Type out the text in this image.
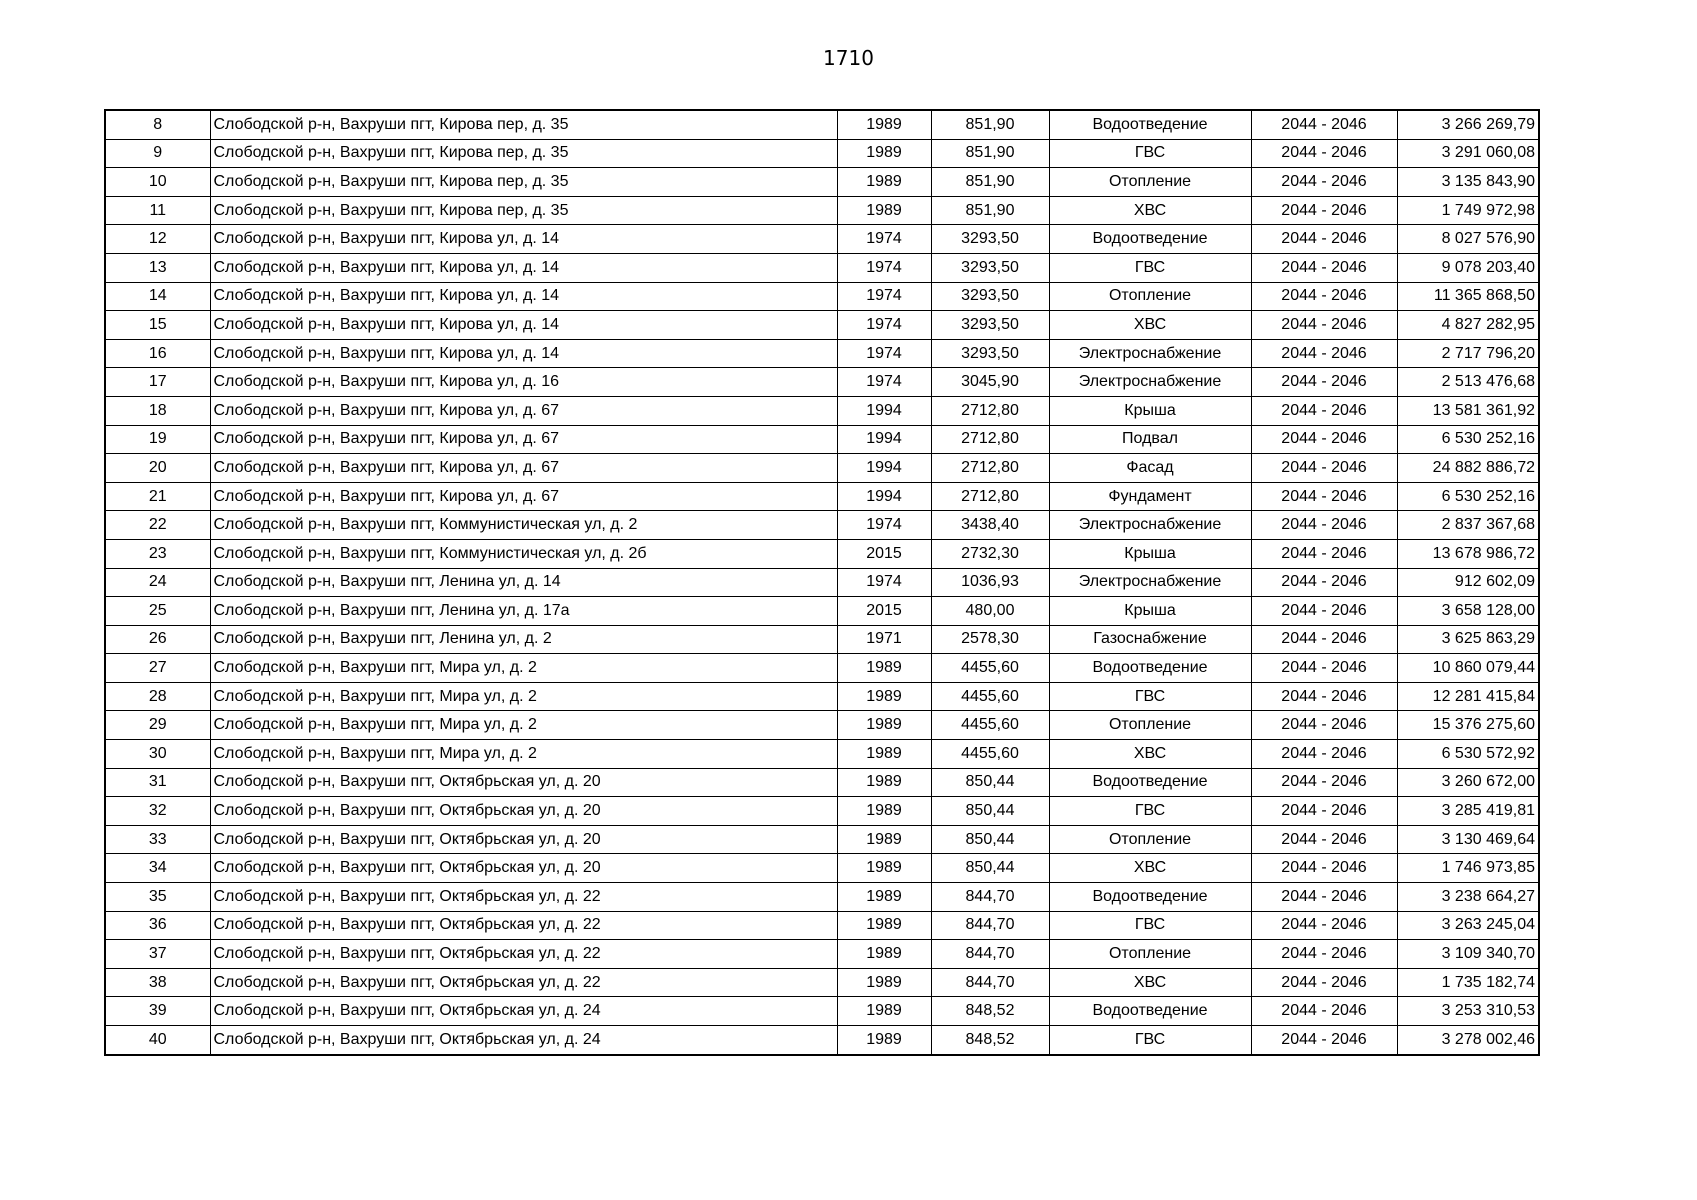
1710
8	Слободской р-н, Вахруши пгт, Кирова пер, д. 35	1989	851,90	Водоотведение	2044 - 2046	3 266 269,79
9	Слободской р-н, Вахруши пгт, Кирова пер, д. 35	1989	851,90	ГВС	2044 - 2046	3 291 060,08
10	Слободской р-н, Вахруши пгт, Кирова пер, д. 35	1989	851,90	Отопление	2044 - 2046	3 135 843,90
11	Слободской р-н, Вахруши пгт, Кирова пер, д. 35	1989	851,90	ХВС	2044 - 2046	1 749 972,98
12	Слободской р-н, Вахруши пгт, Кирова ул, д. 14	1974	3293,50	Водоотведение	2044 - 2046	8 027 576,90
13	Слободской р-н, Вахруши пгт, Кирова ул, д. 14	1974	3293,50	ГВС	2044 - 2046	9 078 203,40
14	Слободской р-н, Вахруши пгт, Кирова ул, д. 14	1974	3293,50	Отопление	2044 - 2046	11 365 868,50
15	Слободской р-н, Вахруши пгт, Кирова ул, д. 14	1974	3293,50	ХВС	2044 - 2046	4 827 282,95
16	Слободской р-н, Вахруши пгт, Кирова ул, д. 14	1974	3293,50	Электроснабжение	2044 - 2046	2 717 796,20
17	Слободской р-н, Вахруши пгт, Кирова ул, д. 16	1974	3045,90	Электроснабжение	2044 - 2046	2 513 476,68
18	Слободской р-н, Вахруши пгт, Кирова ул, д. 67	1994	2712,80	Крыша	2044 - 2046	13 581 361,92
19	Слободской р-н, Вахруши пгт, Кирова ул, д. 67	1994	2712,80	Подвал	2044 - 2046	6 530 252,16
20	Слободской р-н, Вахруши пгт, Кирова ул, д. 67	1994	2712,80	Фасад	2044 - 2046	24 882 886,72
21	Слободской р-н, Вахруши пгт, Кирова ул, д. 67	1994	2712,80	Фундамент	2044 - 2046	6 530 252,16
22	Слободской р-н, Вахруши пгт, Коммунистическая ул, д. 2	1974	3438,40	Электроснабжение	2044 - 2046	2 837 367,68
23	Слободской р-н, Вахруши пгт, Коммунистическая ул, д. 2б	2015	2732,30	Крыша	2044 - 2046	13 678 986,72
24	Слободской р-н, Вахруши пгт, Ленина ул, д. 14	1974	1036,93	Электроснабжение	2044 - 2046	912 602,09
25	Слободской р-н, Вахруши пгт, Ленина ул, д. 17а	2015	480,00	Крыша	2044 - 2046	3 658 128,00
26	Слободской р-н, Вахруши пгт, Ленина ул, д. 2	1971	2578,30	Газоснабжение	2044 - 2046	3 625 863,29
27	Слободской р-н, Вахруши пгт, Мира ул, д. 2	1989	4455,60	Водоотведение	2044 - 2046	10 860 079,44
28	Слободской р-н, Вахруши пгт, Мира ул, д. 2	1989	4455,60	ГВС	2044 - 2046	12 281 415,84
29	Слободской р-н, Вахруши пгт, Мира ул, д. 2	1989	4455,60	Отопление	2044 - 2046	15 376 275,60
30	Слободской р-н, Вахруши пгт, Мира ул, д. 2	1989	4455,60	ХВС	2044 - 2046	6 530 572,92
31	Слободской р-н, Вахруши пгт, Октябрьская ул, д. 20	1989	850,44	Водоотведение	2044 - 2046	3 260 672,00
32	Слободской р-н, Вахруши пгт, Октябрьская ул, д. 20	1989	850,44	ГВС	2044 - 2046	3 285 419,81
33	Слободской р-н, Вахруши пгт, Октябрьская ул, д. 20	1989	850,44	Отопление	2044 - 2046	3 130 469,64
34	Слободской р-н, Вахруши пгт, Октябрьская ул, д. 20	1989	850,44	ХВС	2044 - 2046	1 746 973,85
35	Слободской р-н, Вахруши пгт, Октябрьская ул, д. 22	1989	844,70	Водоотведение	2044 - 2046	3 238 664,27
36	Слободской р-н, Вахруши пгт, Октябрьская ул, д. 22	1989	844,70	ГВС	2044 - 2046	3 263 245,04
37	Слободской р-н, Вахруши пгт, Октябрьская ул, д. 22	1989	844,70	Отопление	2044 - 2046	3 109 340,70
38	Слободской р-н, Вахруши пгт, Октябрьская ул, д. 22	1989	844,70	ХВС	2044 - 2046	1 735 182,74
39	Слободской р-н, Вахруши пгт, Октябрьская ул, д. 24	1989	848,52	Водоотведение	2044 - 2046	3 253 310,53
40	Слободской р-н, Вахруши пгт, Октябрьская ул, д. 24	1989	848,52	ГВС	2044 - 2046	3 278 002,46
